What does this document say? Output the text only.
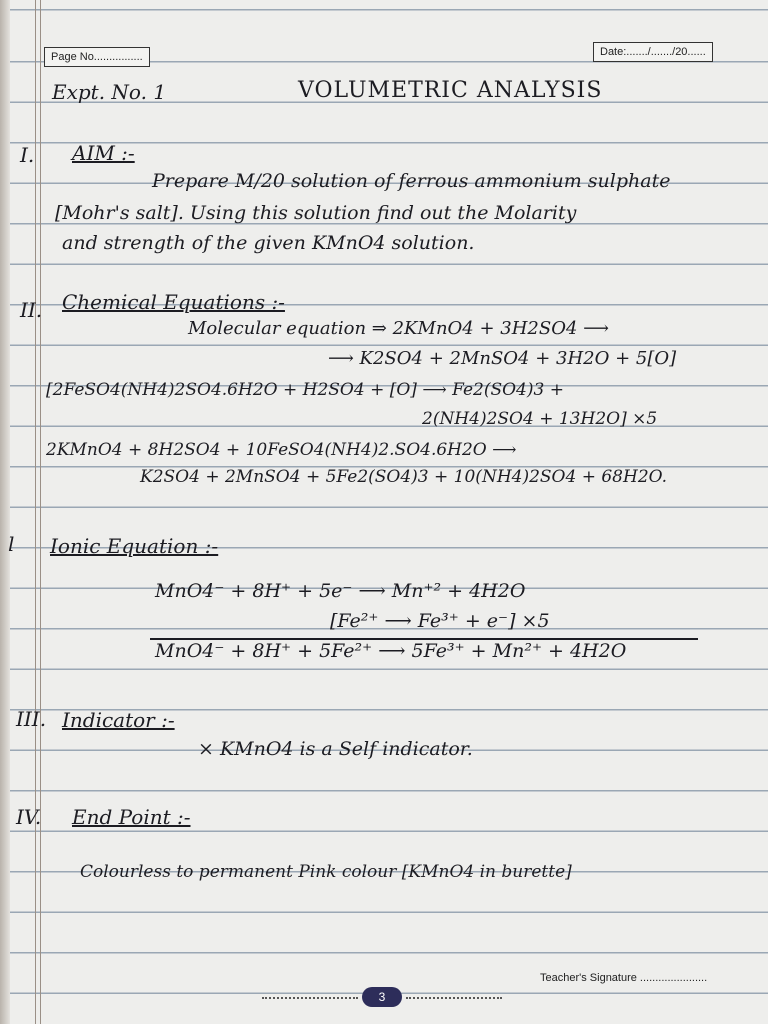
Page No................	Date:......./......./20......
Expt. No. 1	VOLUMETRIC ANALYSIS
I. AIM :-
Prepare M/20 solution of ferrous ammonium sulphate
[Mohr's salt]. Using this solution find out the Molarity
and strength of the given KMnO4 solution.
II. Chemical Equations :-
Molecular equation ⇒ 2KMnO4 + 3H2SO4 ⟶
⟶ K2SO4 + 2MnSO4 + 3H2O + 5[O]
[2FeSO4(NH4)2SO4.6H2O + H2SO4 + [O] ⟶ Fe2(SO4)3 +
2(NH4)2SO4 + 13H2O] ×5
2KMnO4 + 8H2SO4 + 10FeSO4(NH4)2.SO4.6H2O ⟶
K2SO4 + 2MnSO4 + 5Fe2(SO4)3 + 10(NH4)2SO4 + 68H2O.
l Ionic Equation :-
MnO4⁻ + 8H⁺ + 5e⁻ ⟶ Mn⁺² + 4H2O
[Fe²⁺ ⟶ Fe³⁺ + e⁻] ×5
MnO4⁻ + 8H⁺ + 5Fe²⁺ ⟶ 5Fe³⁺ + Mn²⁺ + 4H2O
III. Indicator :-
× KMnO4 is a Self indicator.
IV. End Point :-
Colourless to permanent Pink colour [KMnO4 in burette]
Teacher's Signature ......................
3
